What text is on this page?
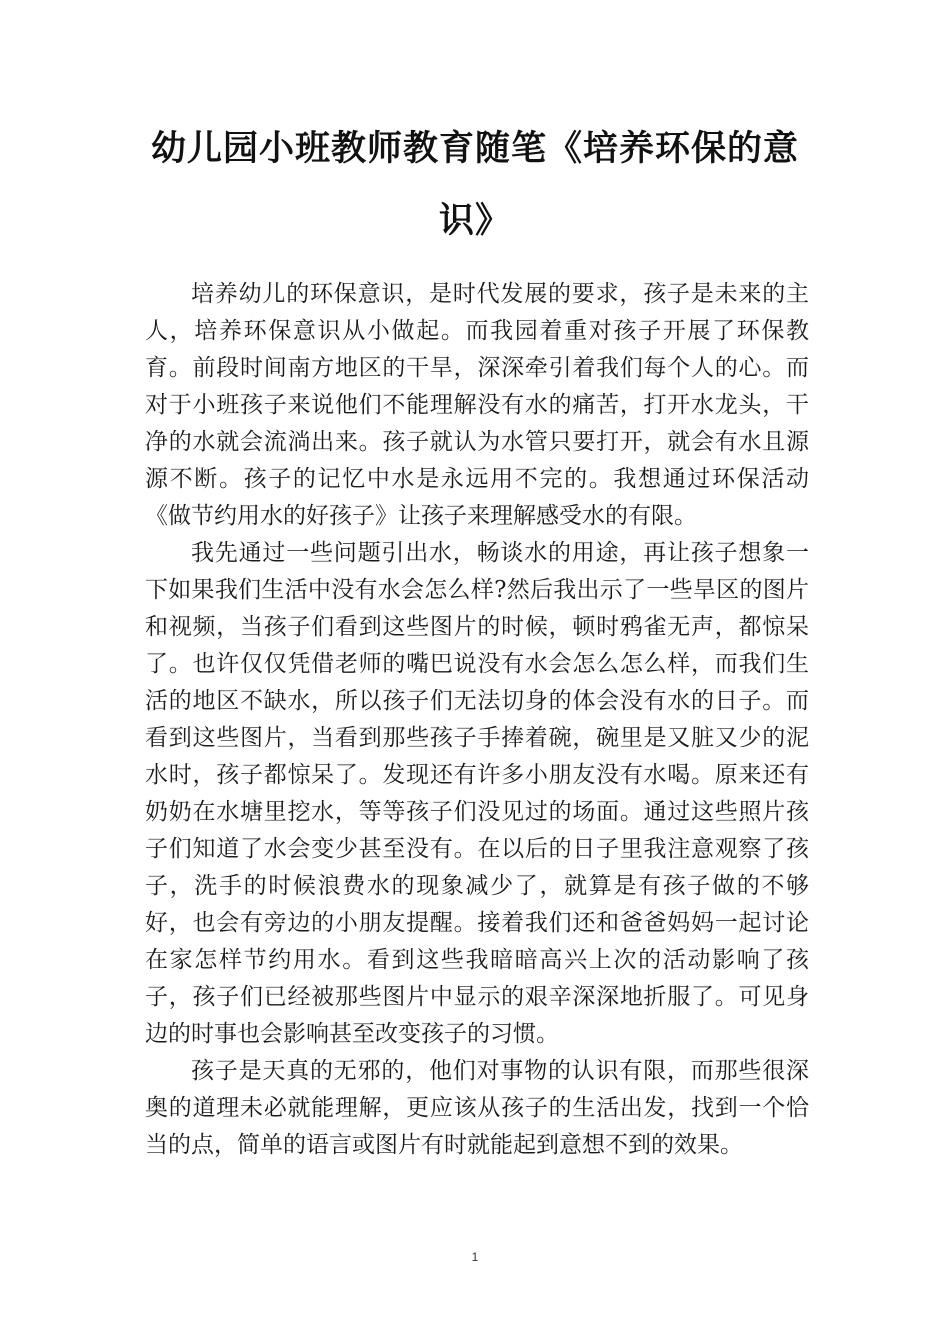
幼儿园小班教师教育随笔《培养环保的意
识》

培养幼儿的环保意识，是时代发展的要求，孩子是未来的主人，培养环保意识从小做起。而我园着重对孩子开展了环保教育。前段时间南方地区的干旱，深深牵引着我们每个人的心。而对于小班孩子来说他们不能理解没有水的痛苦，打开水龙头，干净的水就会流淌出来。孩子就认为水管只要打开，就会有水且源源不断。孩子的记忆中水是永远用不完的。我想通过环保活动《做节约用水的好孩子》让孩子来理解感受水的有限。

我先通过一些问题引出水，畅谈水的用途，再让孩子想象一下如果我们生活中没有水会怎么样?然后我出示了一些旱区的图片和视频，当孩子们看到这些图片的时候，顿时鸦雀无声，都惊呆了。也许仅仅凭借老师的嘴巴说没有水会怎么怎么样，而我们生活的地区不缺水，所以孩子们无法切身的体会没有水的日子。而看到这些图片，当看到那些孩子手捧着碗，碗里是又脏又少的泥水时，孩子都惊呆了。发现还有许多小朋友没有水喝。原来还有奶奶在水塘里挖水，等等孩子们没见过的场面。通过这些照片孩子们知道了水会变少甚至没有。在以后的日子里我注意观察了孩子，洗手的时候浪费水的现象减少了，就算是有孩子做的不够好，也会有旁边的小朋友提醒。接着我们还和爸爸妈妈一起讨论在家怎样节约用水。看到这些我暗暗高兴上次的活动影响了孩子，孩子们已经被那些图片中显示的艰辛深深地折服了。可见身边的时事也会影响甚至改变孩子的习惯。

孩子是天真的无邪的，他们对事物的认识有限，而那些很深奥的道理未必就能理解，更应该从孩子的生活出发，找到一个恰当的点，简单的语言或图片有时就能起到意想不到的效果。

1
